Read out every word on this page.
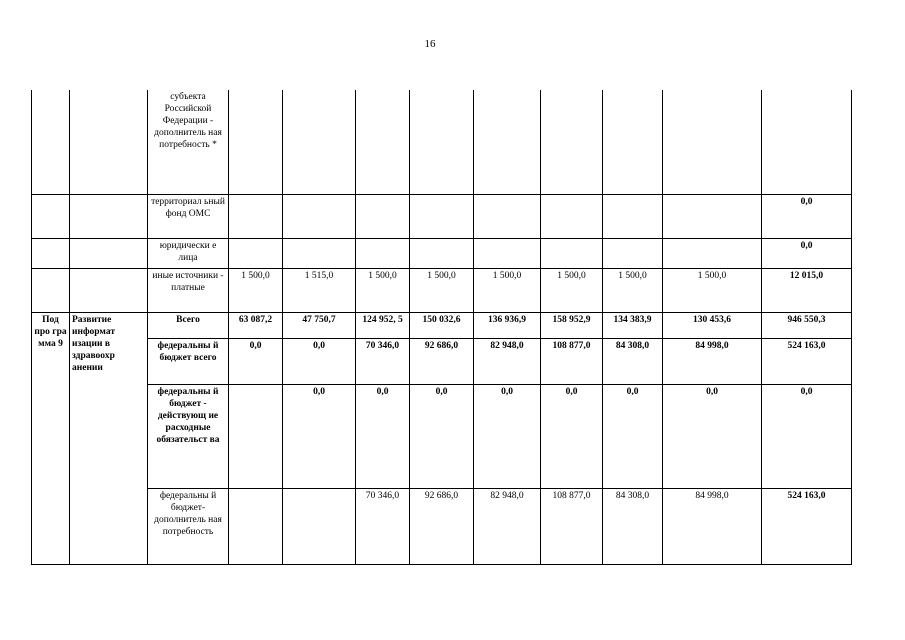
16
		субъекта Российской Федерации - дополнитель ная потребность *									
		территориал ьный фонд ОМС									0,0
		юридически е лица									0,0
		иные источники - платные	1 500,0	1 515,0	1 500,0	1 500,0	1 500,0	1 500,0	1 500,0	1 500,0	12 015,0
Под про гра мма 9	Развитие информат изации в здравоохр анении	Всего	63 087,2	47 750,7	124 952, 5	150 032,6	136 936,9	158 952,9	134 383,9	130 453,6	946 550,3
		федеральны й бюджет всего	0,0	0,0	70 346,0	92 686,0	82 948,0	108 877,0	84 308,0	84 998,0	524 163,0
		федеральны й бюджет - действующ ие расходные обязательст ва		0,0	0,0	0,0	0,0	0,0	0,0	0,0	0,0
		федеральны й бюджет- дополнитель ная потребность			70 346,0	92 686,0	82 948,0	108 877,0	84 308,0	84 998,0	524 163,0
